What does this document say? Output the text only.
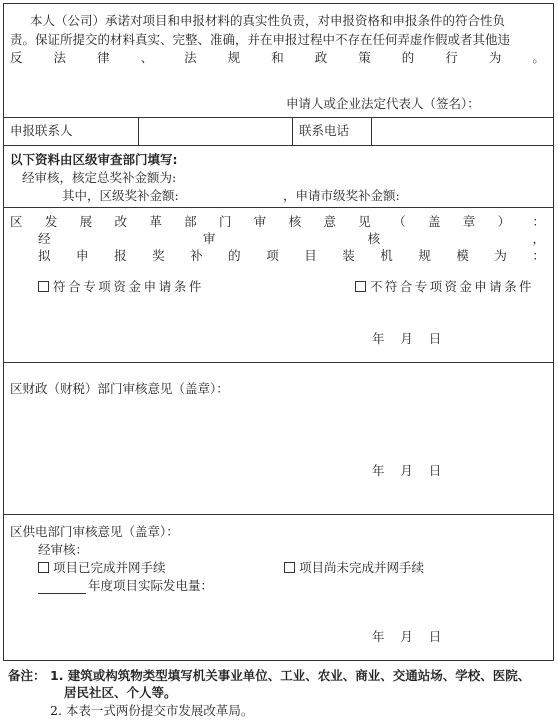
本人（公司）承诺对项目和申报材料的真实性负责，对申报资格和申报条件的符合性负
责。保证所提交的材料真实、完整、准确，并在申报过程中不存在任何弄虚作假或者其他违
反 法 律 、 法 规 和 政 策 的 行 为 。
申请人或企业法定代表人（签名）：
申报联系人	联系电话
以下资料由区级审查部门填写:
经审核，核定总奖补金额为:
其中，区级奖补金额:	，申请市级奖补金额:
区 发 展 改 革 部 门 审 核 意 见 （ 盖 章 ） ：
经	审	核	，
拟 申 报 奖 补 的 项 目 装 机 规 模 为 ：
符合专项资金申请条件	不符合专项资金申请条件
年    月    日
区财政（财税）部门审核意见（盖章）：
年    月    日
区供电部门审核意见（盖章）：
经审核：
项目已完成并网手续	项目尚未完成并网手续
年度项目实际发电量：
年    月    日
备注： 1. 建筑或构筑物类型填写机关事业单位、工业、农业、商业、交通站场、学校、医院、
居民社区、个人等。
2. 本表一式两份提交市发展改革局。
